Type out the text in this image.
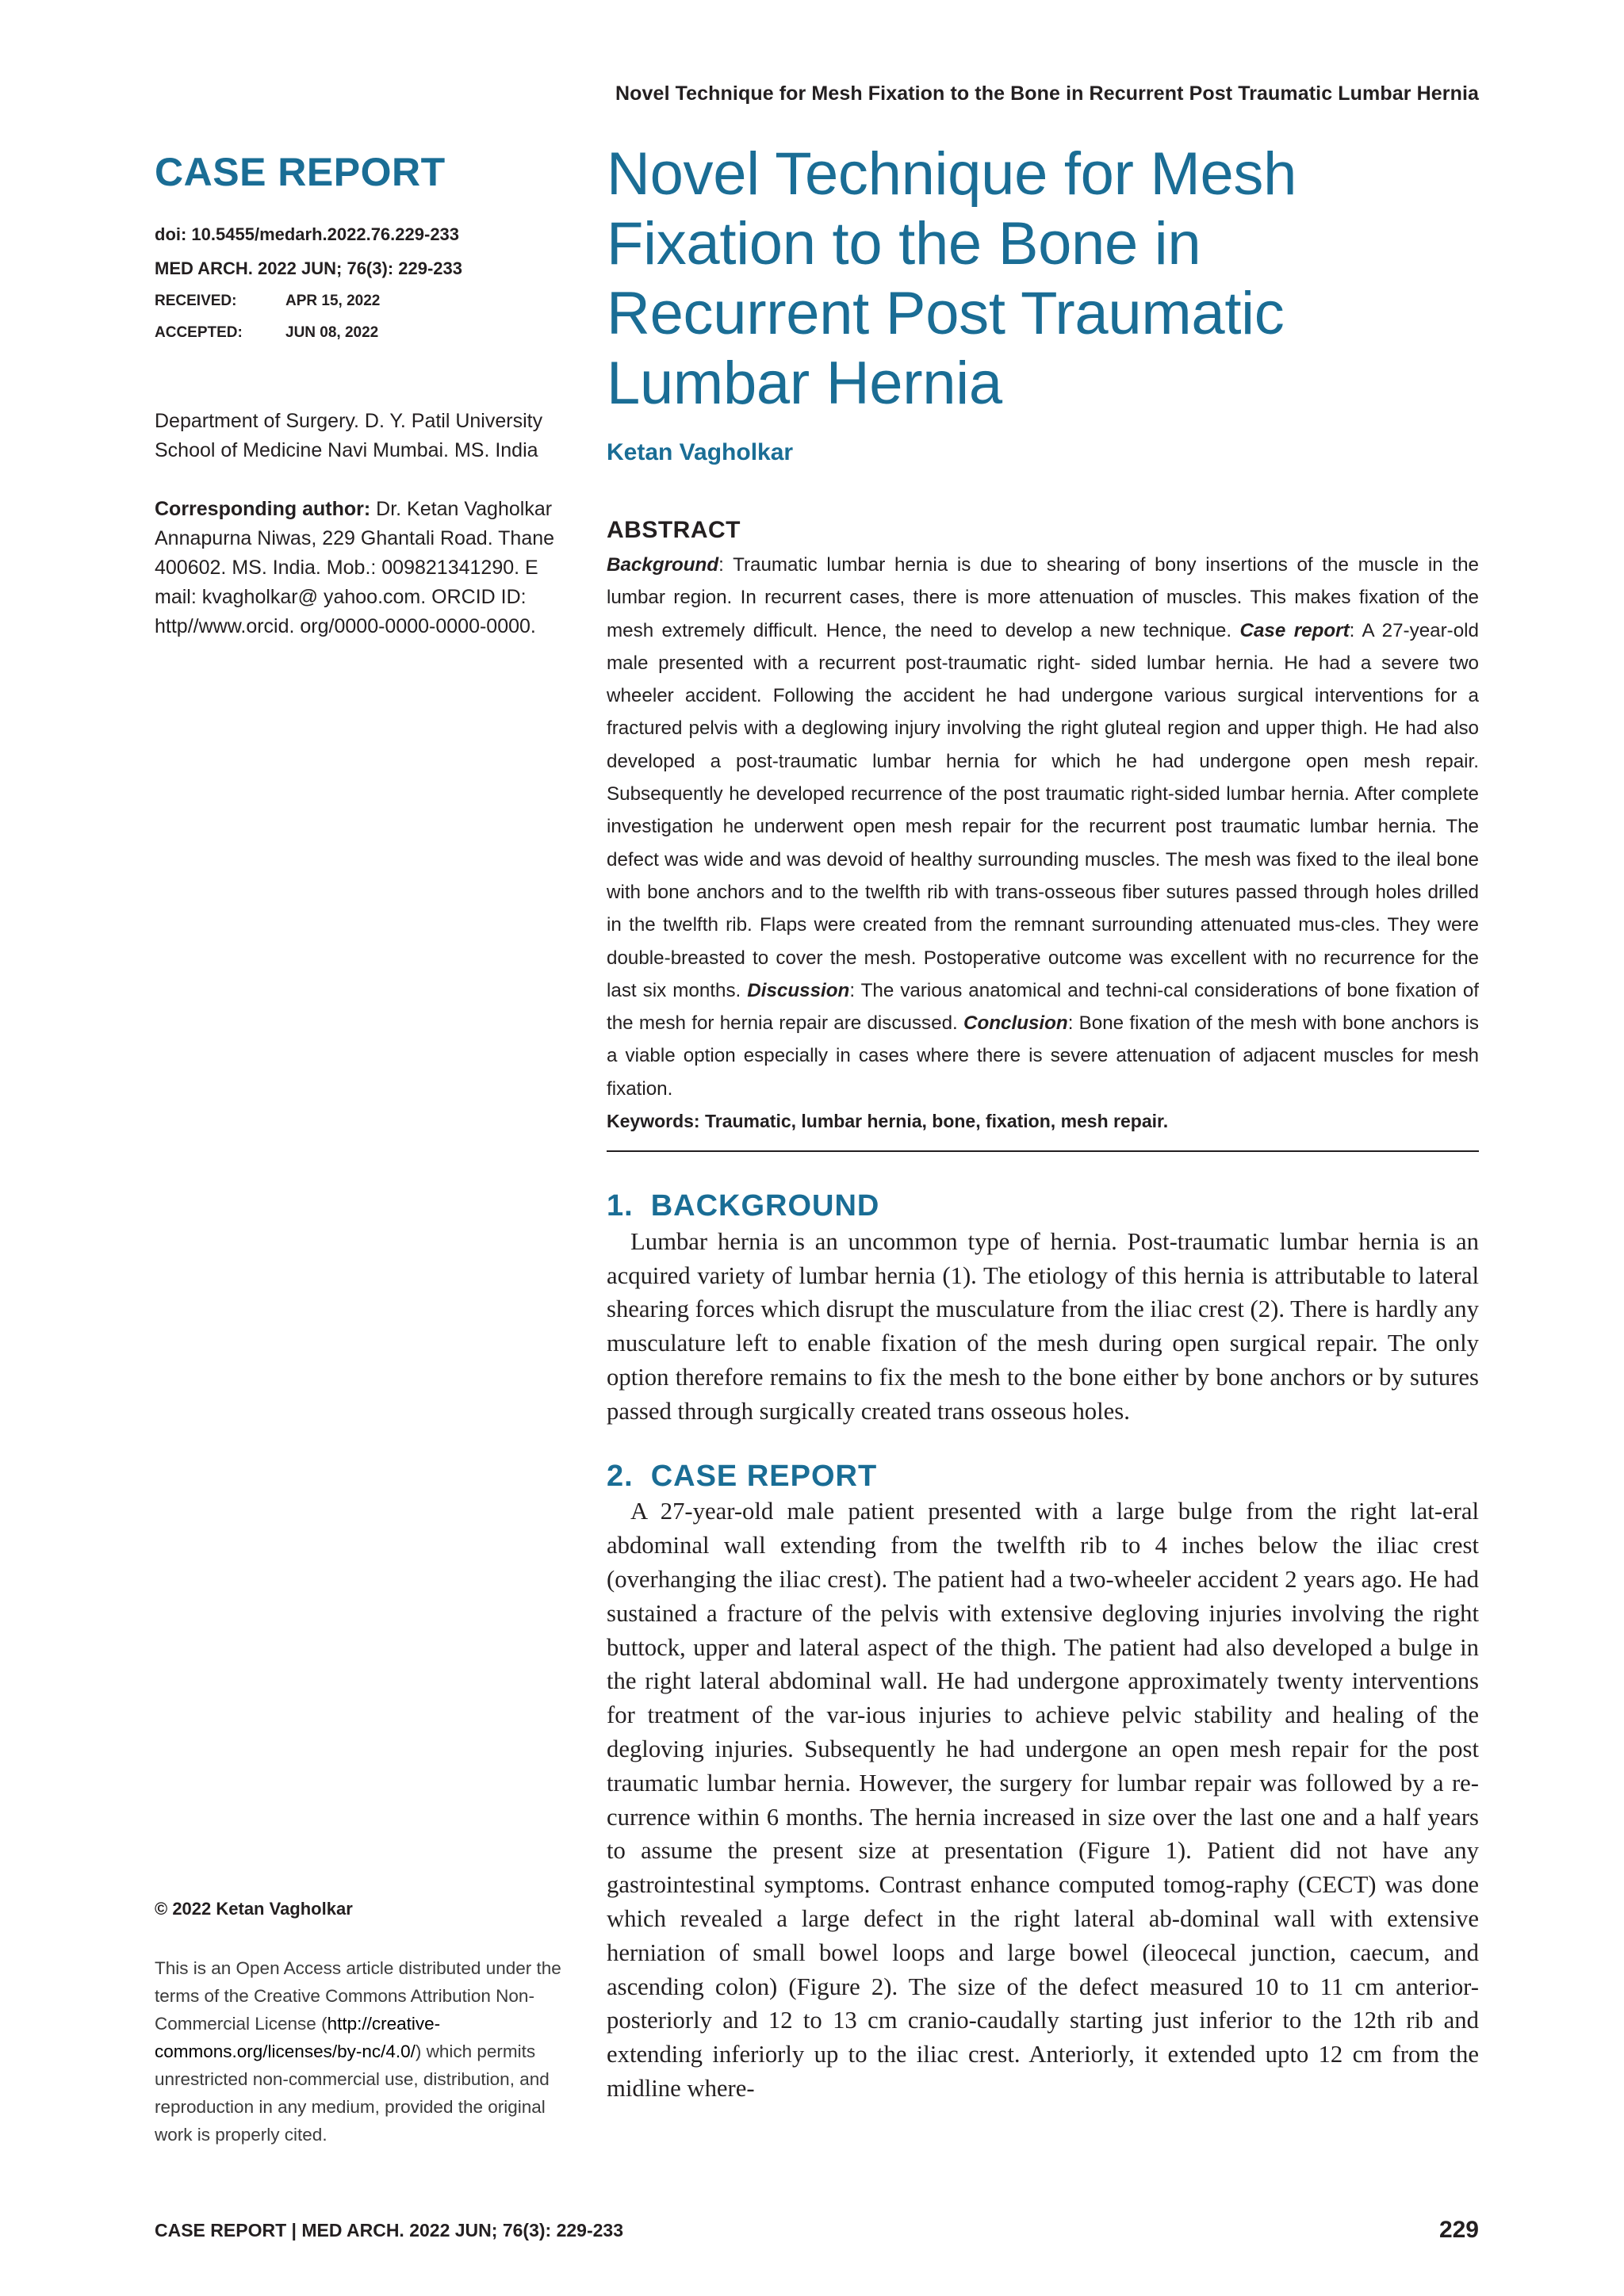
Novel Technique for Mesh Fixation to the Bone in Recurrent Post Traumatic Lumbar Hernia
CASE REPORT
doi: 10.5455/medarh.2022.76.229-233
MED ARCH. 2022 JUN; 76(3): 229-233
RECEIVED:	APR 15, 2022
ACCEPTED:	JUN 08, 2022
Department of Surgery. D. Y. Patil University School of Medicine Navi Mumbai. MS. India
Corresponding author: Dr. Ketan Vagholkar Annapurna Niwas, 229 Ghantali Road. Thane 400602. MS. India. Mob.: 009821341290. E mail: kvagholkar@ yahoo.com. ORCID ID: http//www.orcid. org/0000-0000-0000-0000.
© 2022 Ketan Vagholkar
This is an Open Access article distributed under the terms of the Creative Commons Attribution Non-Commercial License (http://creative-commons.org/licenses/by-nc/4.0/) which permits unrestricted non-commercial use, distribution, and reproduction in any medium, provided the original work is properly cited.
Novel Technique for Mesh Fixation to the Bone in Recurrent Post Traumatic Lumbar Hernia
Ketan Vagholkar
ABSTRACT
Background: Traumatic lumbar hernia is due to shearing of bony insertions of the muscle in the lumbar region. In recurrent cases, there is more attenuation of muscles. This makes fixation of the mesh extremely difficult. Hence, the need to develop a new technique. Case report: A 27-year-old male presented with a recurrent post-traumatic right- sided lumbar hernia. He had a severe two wheeler accident. Following the accident he had undergone various surgical interventions for a fractured pelvis with a deglowing injury involving the right gluteal region and upper thigh. He had also developed a post-traumatic lumbar hernia for which he had undergone open mesh repair. Subsequently he developed recurrence of the post traumatic right-sided lumbar hernia. After complete investigation he underwent open mesh repair for the recurrent post traumatic lumbar hernia. The defect was wide and was devoid of healthy surrounding muscles. The mesh was fixed to the ileal bone with bone anchors and to the twelfth rib with trans-osseous fiber sutures passed through holes drilled in the twelfth rib. Flaps were created from the remnant surrounding attenuated mus-cles. They were double-breasted to cover the mesh. Postoperative outcome was excellent with no recurrence for the last six months. Discussion: The various anatomical and techni-cal considerations of bone fixation of the mesh for hernia repair are discussed. Conclusion: Bone fixation of the mesh with bone anchors is a viable option especially in cases where there is severe attenuation of adjacent muscles for mesh fixation.
Keywords: Traumatic, lumbar hernia, bone, fixation, mesh repair.
1. BACKGROUND

Lumbar hernia is an uncommon type of hernia. Post-traumatic lumbar hernia is an acquired variety of lumbar hernia (1). The etiology of this hernia is attributable to lateral shearing forces which disrupt the musculature from the iliac crest (2). There is hardly any musculature left to enable fixation of the mesh during open surgical repair. The only option therefore remains to fix the mesh to the bone either by bone anchors or by sutures passed through surgically created trans osseous holes.

2. CASE REPORT

A 27-year-old male patient presented with a large bulge from the right lat-eral abdominal wall extending from the twelfth rib to 4 inches below the iliac crest (overhanging the iliac crest). The patient had a two-wheeler accident 2 years ago. He had sustained a fracture of the pelvis with extensive degloving injuries involving the right buttock, upper and lateral aspect of the thigh. The patient had also developed a bulge in the right lateral abdominal wall. He had undergone approximately twenty interventions for treatment of the var-ious injuries to achieve pelvic stability and healing of the degloving injuries. Subsequently he had undergone an open mesh repair for the post traumatic lumbar hernia. However, the surgery for lumbar repair was followed by a re-currence within 6 months. The hernia increased in size over the last one and a half years to assume the present size at presentation (Figure 1). Patient did not have any gastrointestinal symptoms. Contrast enhance computed tomog-raphy (CECT) was done which revealed a large defect in the right lateral ab-dominal wall with extensive herniation of small bowel loops and large bowel (ileocecal junction, caecum, and ascending colon) (Figure 2). The size of the defect measured 10 to 11 cm anterior-posteriorly and 12 to 13 cm cranio-caudally starting just inferior to the 12th rib and extending inferiorly up to the iliac crest. Anteriorly, it extended upto 12 cm from the midline where-

CASE REPORT | MED ARCH. 2022 JUN; 76(3): 229-233	229
